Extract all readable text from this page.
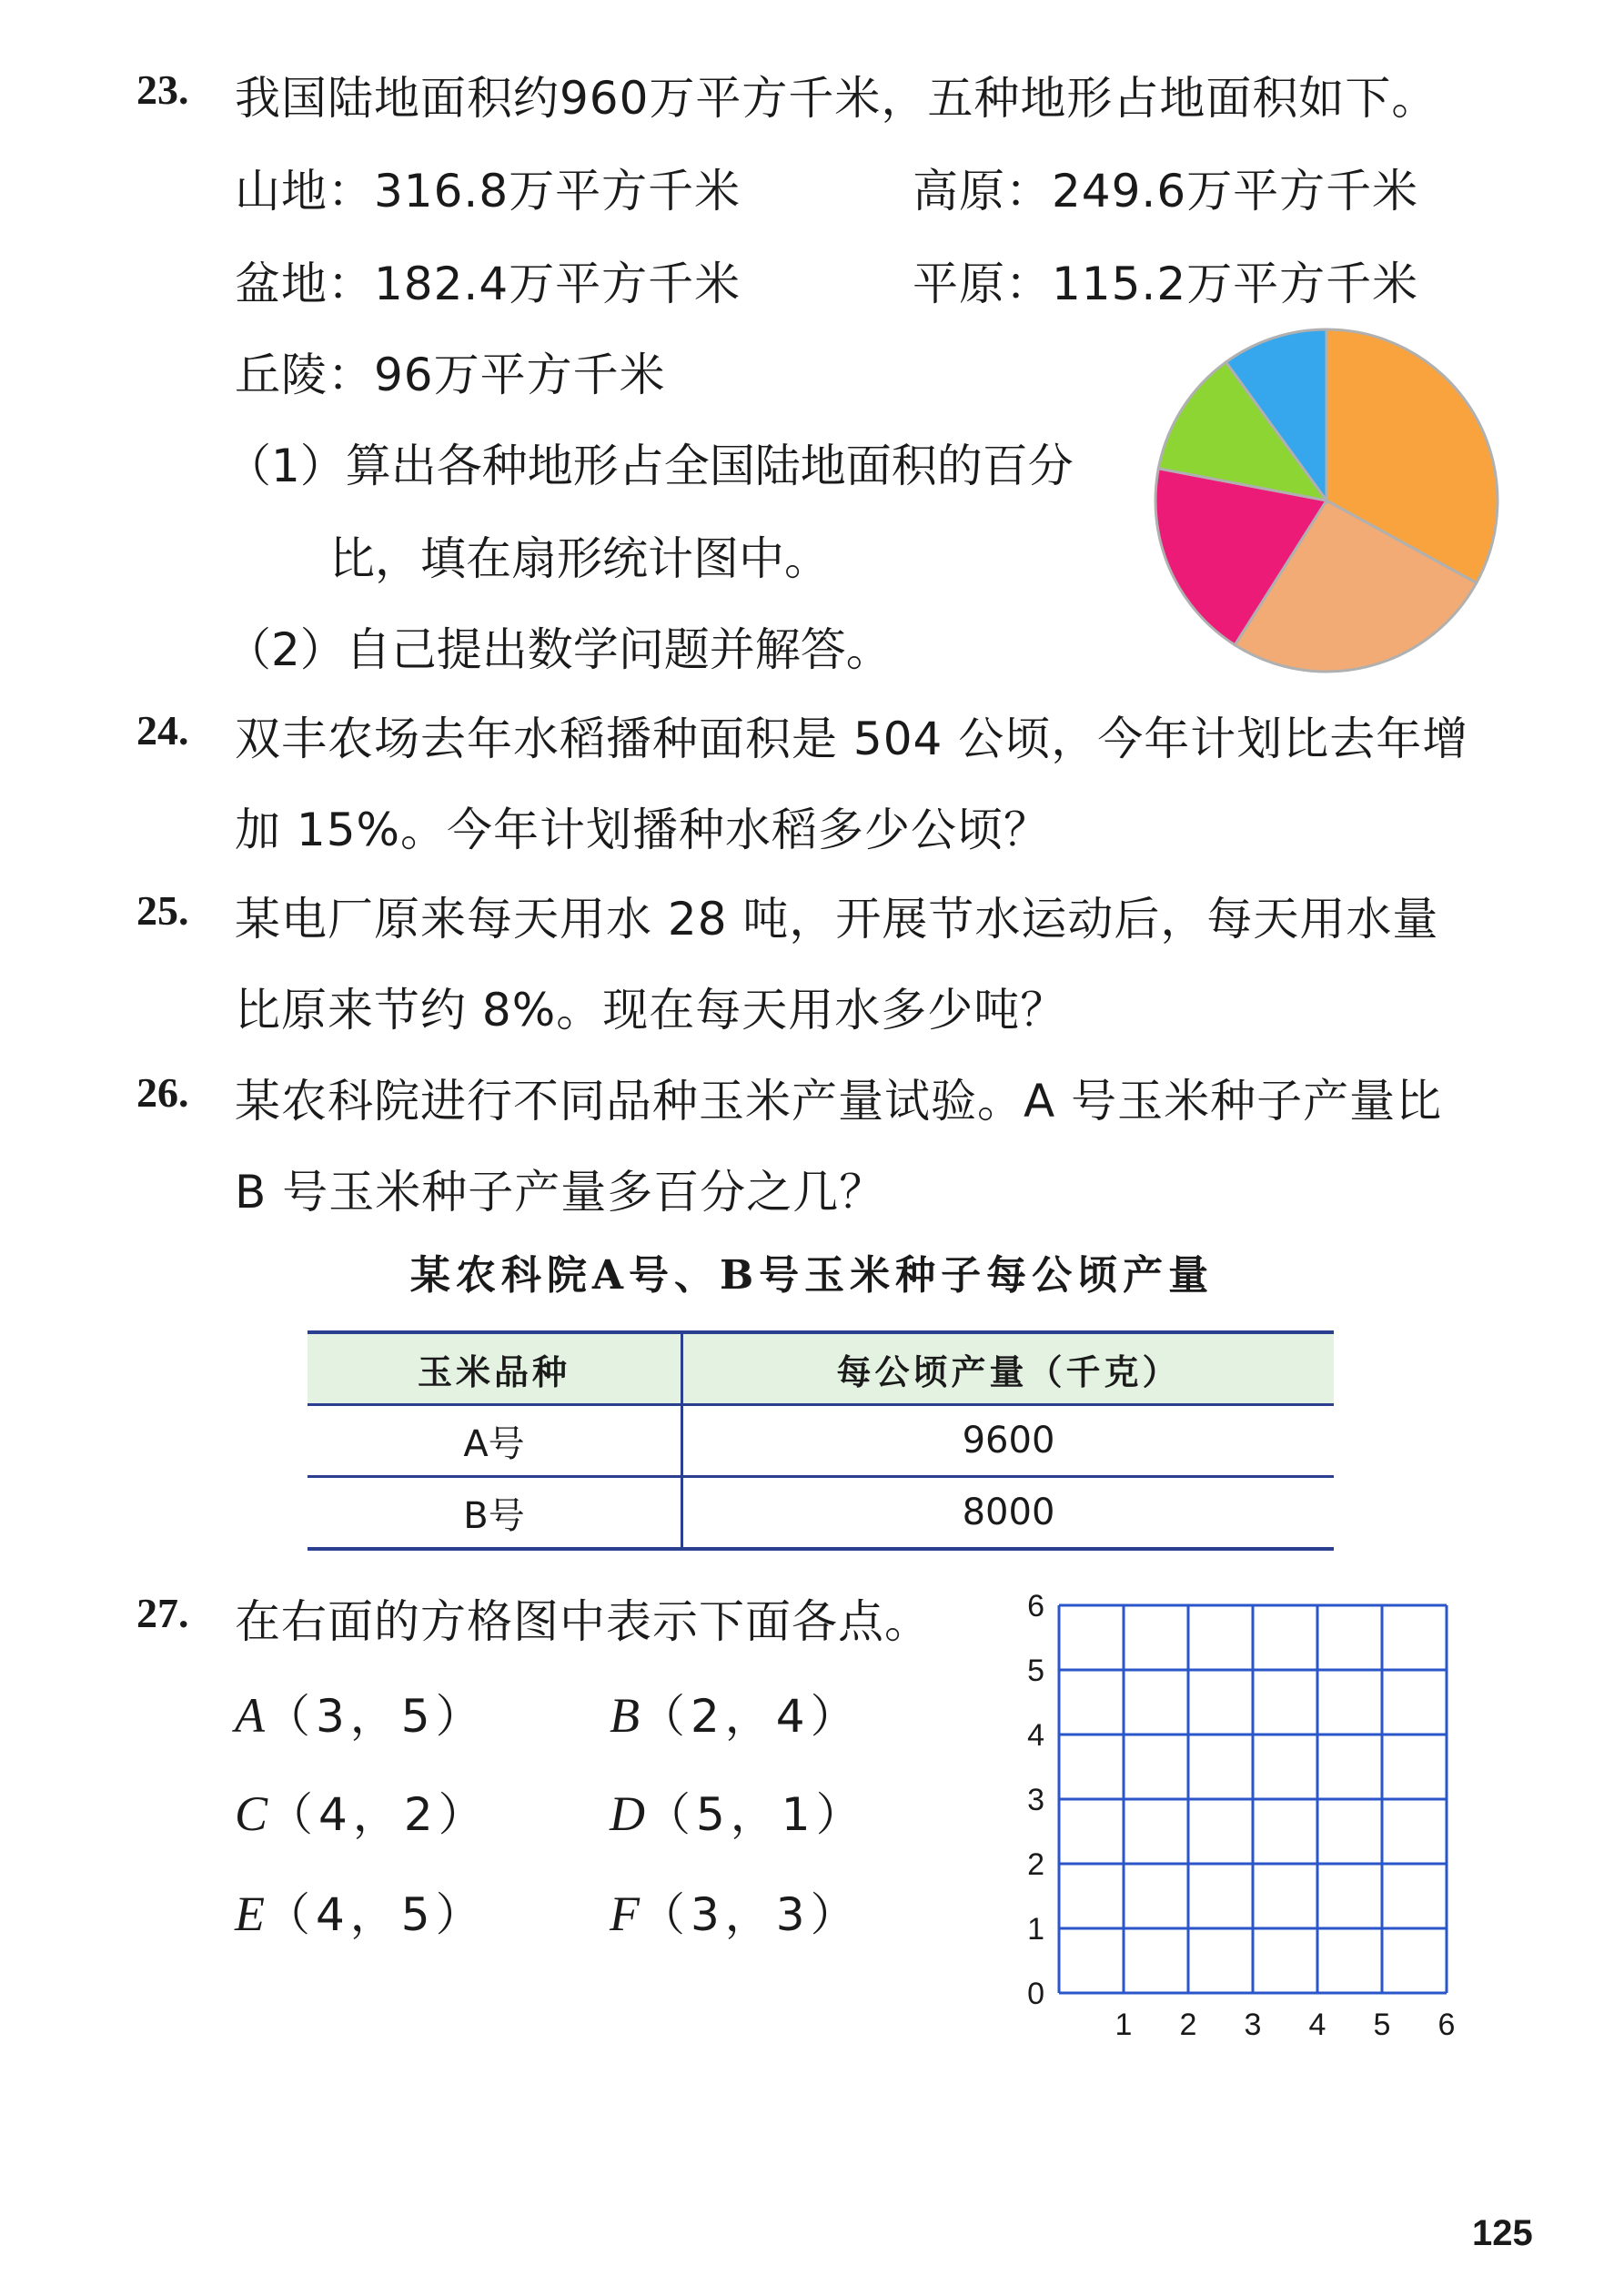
23. 我国陆地面积约960万平方千米，五种地形占地面积如下。
山地：316.8万平方千米	高原：249.6万平方千米
盆地：182.4万平方千米	平原：115.2万平方千米
丘陵：96万平方千米
（1）算出各种地形占全国陆地面积的百分
比，填在扇形统计图中。
（2）自己提出数学问题并解答。
24. 双丰农场去年水稻播种面积是 504 公顷，今年计划比去年增
加 15%。今年计划播种水稻多少公顷？
25. 某电厂原来每天用水 28 吨，开展节水运动后，每天用水量
比原来节约 8%。现在每天用水多少吨？
26. 某农科院进行不同品种玉米产量试验。A 号玉米种子产量比
B 号玉米种子产量多百分之几？
某农科院A号、B号玉米种子每公顷产量
玉米品种	每公顷产量（千克）
A号	9600
B号	8000
27. 在右面的方格图中表示下面各点。
A（3，5）	B（2，4）
C（4，2） D（5，1）
E（4，5）	F（3，3）
1 2 3 4 5 6
0
1
2
3
4
5
6
125
